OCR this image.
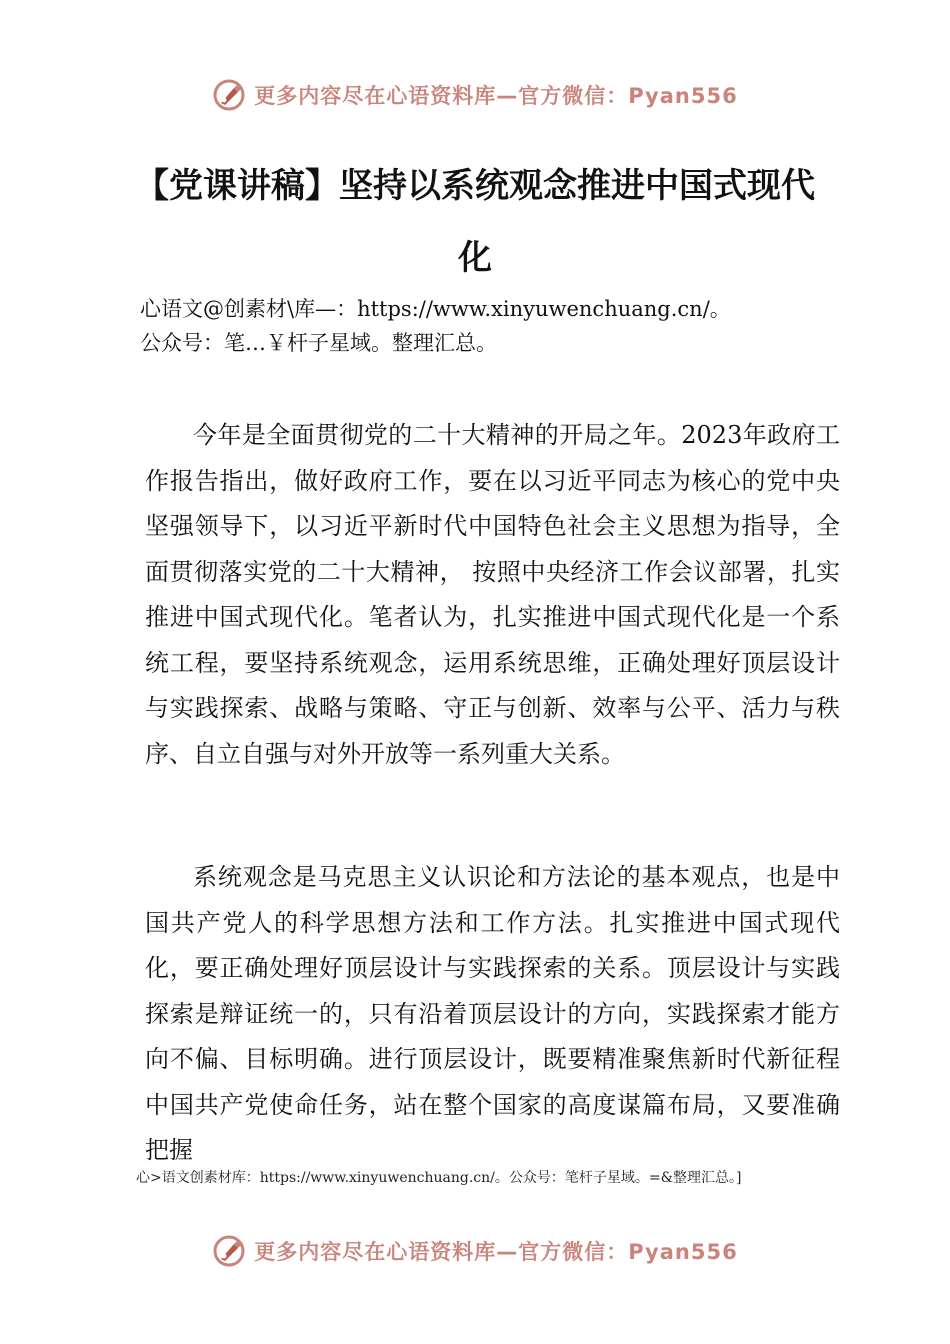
更多内容尽在心语资料库—官方微信：Pyan556
【党课讲稿】坚持以系统观念推进中国式现代化

心语文@创素材\库—：https://www.xinyuwenchuang.cn/。
公众号：笔…￥杆子星域。整理汇总。

今年是全面贯彻党的二十大精神的开局之年。2023年政府工作报告指出，做好政府工作，要在以习近平同志为核心的党中央坚强领导下，以习近平新时代中国特色社会主义思想为指导，全面贯彻落实党的二十大精神， 按照中央经济工作会议部署，扎实推进中国式现代化。笔者认为，扎实推进中国式现代化是一个系统工程，要坚持系统观念，运用系统思维，正确处理好顶层设计与实践探索、战略与策略、守正与创新、效率与公平、活力与秩序、自立自强与对外开放等一系列重大关系。

系统观念是马克思主义认识论和方法论的基本观点，也是中国共产党人的科学思想方法和工作方法。扎实推进中国式现代化，要正确处理好顶层设计与实践探索的关系。顶层设计与实践探索是辩证统一的，只有沿着顶层设计的方向，实践探索才能方向不偏、目标明确。进行顶层设计，既要精准聚焦新时代新征程中国共产党使命任务，站在整个国家的高度谋篇布局，又要准确把握

心>语文创素材库：https://www.xinyuwenchuang.cn/。公众号：笔杆子星域。=&整理汇总。]

更多内容尽在心语资料库—官方微信：Pyan556
